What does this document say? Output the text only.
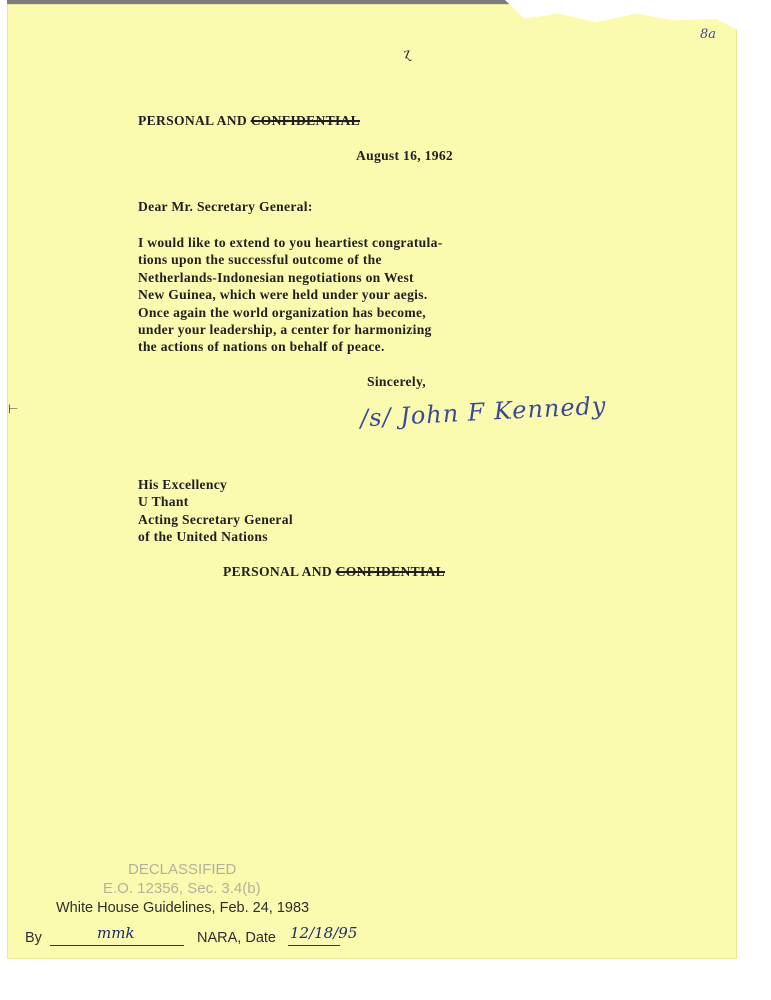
8a
ɀ
⊢
PERSONAL AND CONFIDENTIAL
August 16, 1962
Dear Mr. Secretary General:
I would like to extend to you heartiest congratula-
tions upon the successful outcome of the
Netherlands-Indonesian negotiations on West
New Guinea, which were held under your aegis.
Once again the world organization has become,
under your leadership, a center for harmonizing
the actions of nations on behalf of peace.
Sincerely,
/s/ John F Kennedy
His Excellency
U Thant
Acting Secretary General
of the United Nations
PERSONAL AND CONFIDENTIAL
DECLASSIFIED
E.O. 12356, Sec. 3.4(b)
White House Guidelines, Feb. 24, 1983
By	mmk	NARA, Date 12/18/95
